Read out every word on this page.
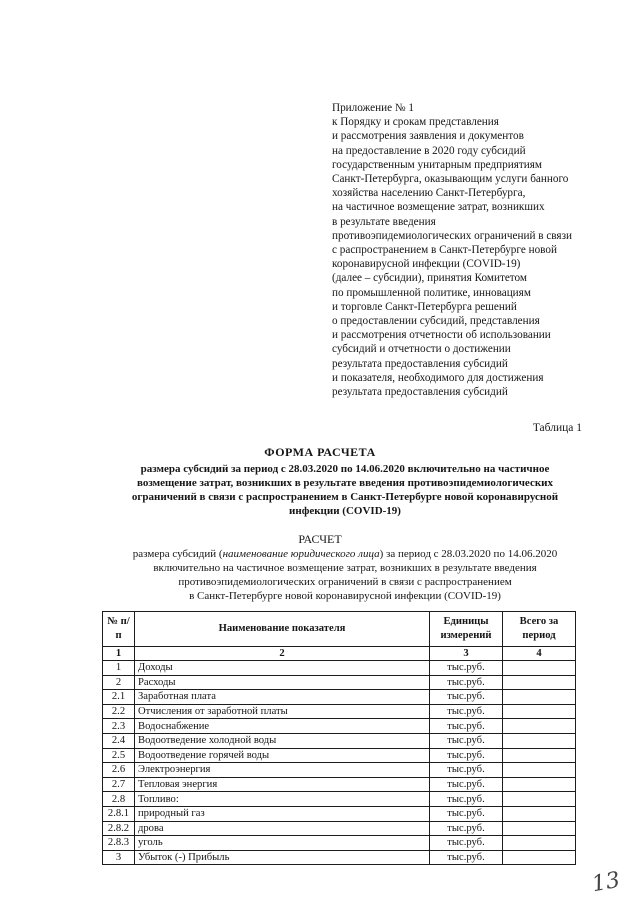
Приложение № 1
к Порядку и срокам представления
и рассмотрения заявления и документов
на предоставление в 2020 году субсидий
государственным унитарным предприятиям
Санкт-Петербурга, оказывающим услуги банного
хозяйства населению Санкт-Петербурга,
на частичное возмещение затрат, возникших
в результате введения
противоэпидемиологических ограничений в связи
с распространением в Санкт-Петербурге новой
коронавирусной инфекции (COVID-19)
(далее – субсидии), принятия Комитетом
по промышленной политике, инновациям
и торговле Санкт-Петербурга решений
о предоставлении субсидий, представления
и рассмотрения отчетности об использовании
субсидий и отчетности о достижении
результата предоставления субсидий
и показателя, необходимого для достижения
результата предоставления субсидий
Таблица 1
ФОРМА РАСЧЕТА
размера субсидий за период с 28.03.2020 по 14.06.2020 включительно на частичное возмещение затрат, возникших в результате введения противоэпидемиологических ограничений в связи с распространением в Санкт-Петербурге новой коронавирусной инфекции (COVID-19)
РАСЧЕТ
размера субсидий (наименование юридического лица) за период с 28.03.2020 по 14.06.2020
включительно на частичное возмещение затрат, возникших в результате введения
противоэпидемиологических ограничений в связи с распространением
в Санкт-Петербурге новой коронавирусной инфекции (COVID-19)
№ п/п	Наименование показателя	Единицы измерений	Всего за период
1	2	3	4
1	Доходы	тыс.руб.	
2	Расходы	тыс.руб.	
2.1	Заработная плата	тыс.руб.	
2.2	Отчисления от заработной платы	тыс.руб.	
2.3	Водоснабжение	тыс.руб.	
2.4	Водоотведение холодной воды	тыс.руб.	
2.5	Водоотведение горячей воды	тыс.руб.	
2.6	Электроэнергия	тыс.руб.	
2.7	Тепловая энергия	тыс.руб.	
2.8	Топливо:	тыс.руб.	
2.8.1	природный газ	тыс.руб.	
2.8.2	дрова	тыс.руб.	
2.8.3	уголь	тыс.руб.	
3	Убыток (-) Прибыль	тыс.руб.	
13
